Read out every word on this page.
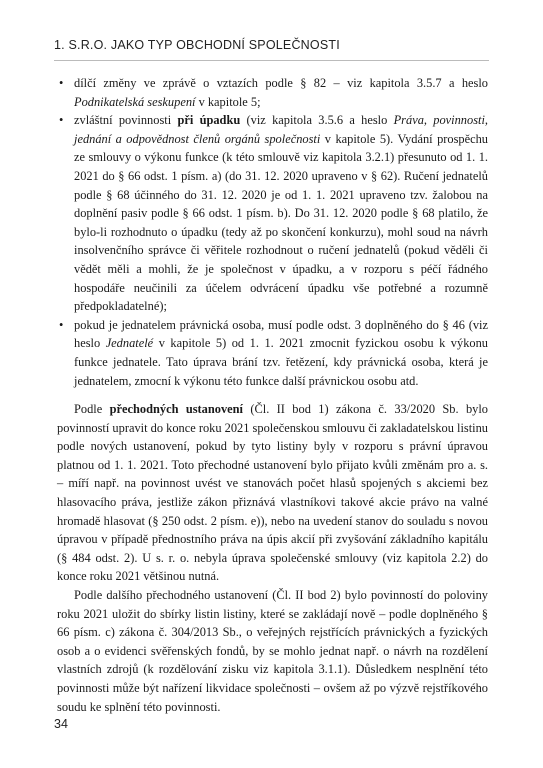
1. S.R.O. JAKO TYP OBCHODNÍ SPOLEČNOSTI
• dílčí změny ve zprávě o vztazích podle § 82 – viz kapitola 3.5.7 a heslo Podnikatelská seskupení v kapitole 5;
• zvláštní povinnosti při úpadku (viz kapitola 3.5.6 a heslo Práva, povinnosti, jednání a odpovědnost členů orgánů společnosti v kapitole 5). Vydání prospěchu ze smlouvy o výkonu funkce (k této smlouvě viz kapitola 3.2.1) přesunuto od 1. 1. 2021 do § 66 odst. 1 písm. a) (do 31. 12. 2020 upraveno v § 62). Ručení jednatelů podle § 68 účinného do 31. 12. 2020 je od 1. 1. 2021 upraveno tzv. žalobou na doplnění pasiv podle § 66 odst. 1 písm. b). Do 31. 12. 2020 podle § 68 platilo, že bylo-li rozhodnuto o úpadku (tedy až po skončení konkurzu), mohl soud na návrh insolvenčního správce či věřitele rozhodnout o ručení jednatelů (pokud věděli či vědět měli a mohli, že je společnost v úpadku, a v rozporu s péčí řádného hospodáře neučinili za účelem odvrácení úpadku vše potřebné a rozumně předpokladatelné);
• pokud je jednatelem právnická osoba, musí podle odst. 3 doplněného do § 46 (viz heslo Jednatelé v kapitole 5) od 1. 1. 2021 zmocnit fyzickou osobu k výkonu funkce jednatele. Tato úprava brání tzv. řetězení, kdy právnická osoba, která je jednatelem, zmocní k výkonu této funkce další právnickou osobu atd.

Podle přechodných ustanovení (Čl. II bod 1) zákona č. 33/2020 Sb. bylo povinností upravit do konce roku 2021 společenskou smlouvu či zakladatelskou listinu podle nových ustanovení, pokud by tyto listiny byly v rozporu s právní úpravou platnou od 1. 1. 2021. Toto přechodné ustanovení bylo přijato kvůli změnám pro a. s. – míří např. na povinnost uvést ve stanovách počet hlasů spojených s akciemi bez hlasovacího práva, jestliže zákon přiznává vlastníkovi takové akcie právo na valné hromadě hlasovat (§ 250 odst. 2 písm. e)), nebo na uvedení stanov do souladu s novou úpravou v případě přednostního práva na úpis akcií při zvyšování základního kapitálu (§ 484 odst. 2). U s. r. o. nebyla úprava společenské smlouvy (viz kapitola 2.2) do konce roku 2021 většinou nutná.

Podle dalšího přechodného ustanovení (Čl. II bod 2) bylo povinností do poloviny roku 2021 uložit do sbírky listin listiny, které se zakládají nově – podle doplněného § 66 písm. c) zákona č. 304/2013 Sb., o veřejných rejstřících právnických a fyzických osob a o evidenci svěřenských fondů, by se mohlo jednat např. o návrh na rozdělení vlastních zdrojů (k rozdělování zisku viz kapitola 3.1.1). Důsledkem nesplnění této povinnosti může být nařízení likvidace společnosti – ovšem až po výzvě rejstříkového soudu ke splnění této povinnosti.

34
